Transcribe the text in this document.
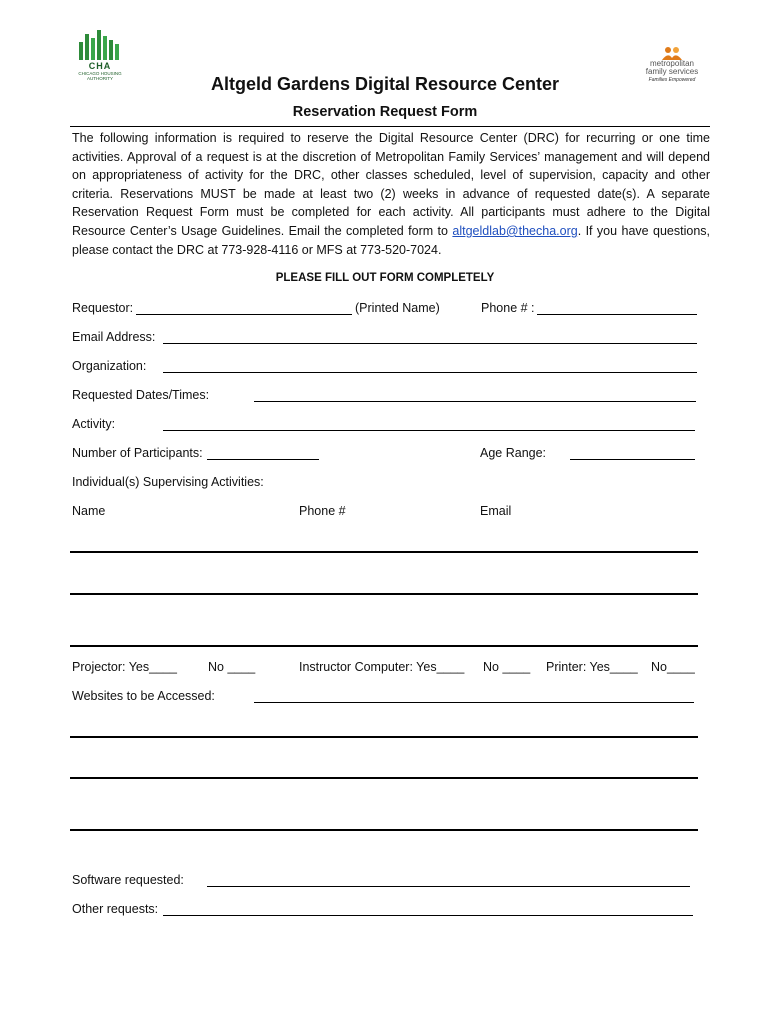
CHA
CHICAGO HOUSING
AUTHORITY
metropolitan
family services
Families Empowered
Altgeld Gardens Digital Resource Center
Reservation Request Form
The following information is required to reserve the Digital Resource Center (DRC) for recurring or one time activities. Approval of a request is at the discretion of Metropolitan Family Services’ management and will depend on appropriateness of activity for the DRC, other classes scheduled, level of supervision, capacity and other criteria. Reservations MUST be made at least two (2) weeks in advance of requested date(s). A separate Reservation Request Form must be completed for each activity. All participants must adhere to the Digital Resource Center’s Usage Guidelines. Email the completed form to altgeldlab@thecha.org. If you have questions, please contact the DRC at 773-928-4116 or MFS at 773-520-7024.
PLEASE FILL OUT FORM COMPLETELY
Requestor:	(Printed Name)	Phone # :
Email Address:
Organization:
Requested Dates/Times:
Activity:
Number of Participants:	Age Range:
Individual(s) Supervising Activities:
Name	Phone #	Email
Projector: Yes____ No ____	Instructor Computer: Yes____ No ____ Printer: Yes____ No____
Websites to be Accessed:
Software requested:
Other requests:
